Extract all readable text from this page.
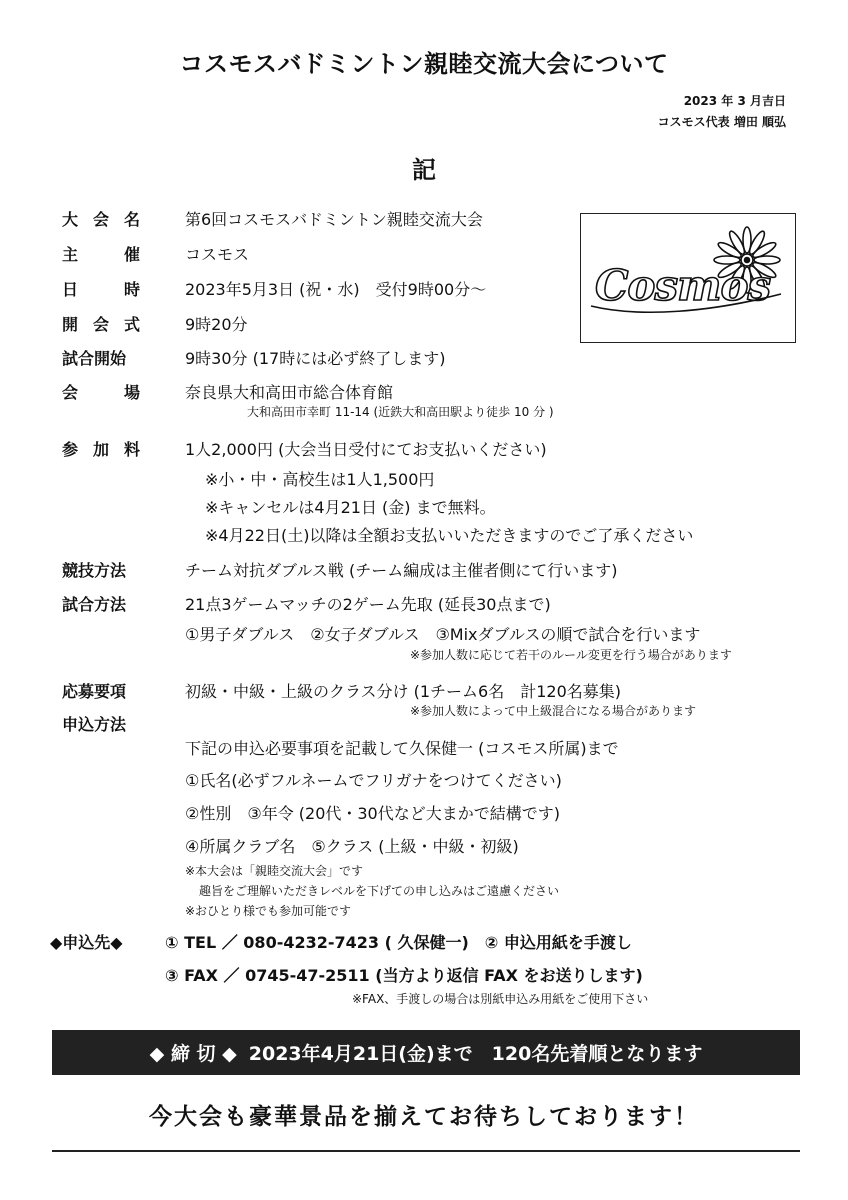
コスモスバドミントン親睦交流大会について
2023 年 3 月吉日
コスモス代表 増田 順弘
記
Cosmos
大 会 名	第6回コスモスバドミントン親睦交流大会
主	催	コスモス
日	時	2023年5月3日 (祝・水)　受付9時00分～
開 会 式	9時20分
試合開始	9時30分 (17時には必ず終了します)
会	場	奈良県大和高田市総合体育館
大和高田市幸町 11-14 (近鉄大和高田駅より徒歩 10 分 )
参 加 料	1人2,000円 (大会当日受付にてお支払いください)
※小・中・高校生は1人1,500円
※キャンセルは4月21日 (金) まで無料。
※4月22日(土)以降は全額お支払いいただきますのでご了承ください
競技方法	チーム対抗ダブルス戦 (チーム編成は主催者側にて行います)
試合方法	21点3ゲームマッチの2ゲーム先取 (延長30点まで)
①男子ダブルス　②女子ダブルス　③Mixダブルスの順で試合を行います
※参加人数に応じて若干のルール変更を行う場合があります
応募要項	初級・中級・上級のクラス分け (1チーム6名　計120名募集)
※参加人数によって中上級混合になる場合があります
申込方法
下記の申込必要事項を記載して久保健一 (コスモス所属)まで
①氏名(必ずフルネームでフリガナをつけてください)
②性別　③年令 (20代・30代など大まかで結構です)
④所属クラブ名　⑤クラス (上級・中級・初級)
※本大会は「親睦交流大会」です
趣旨をご理解いただきレベルを下げての申し込みはご遠慮ください
※おひとり様でも参加可能です
◆申込先◆	① TEL ／ 080-4232-7423 ( 久保健一)　② 申込用紙を手渡し
③ FAX ／ 0745-47-2511 (当方より返信 FAX をお送りします)
※FAX、手渡しの場合は別紙申込み用紙をご使用下さい
◆ 締 切 ◆ 2023年4月21日(金)まで　120名先着順となります
今大会も豪華景品を揃えてお待ちしております！
